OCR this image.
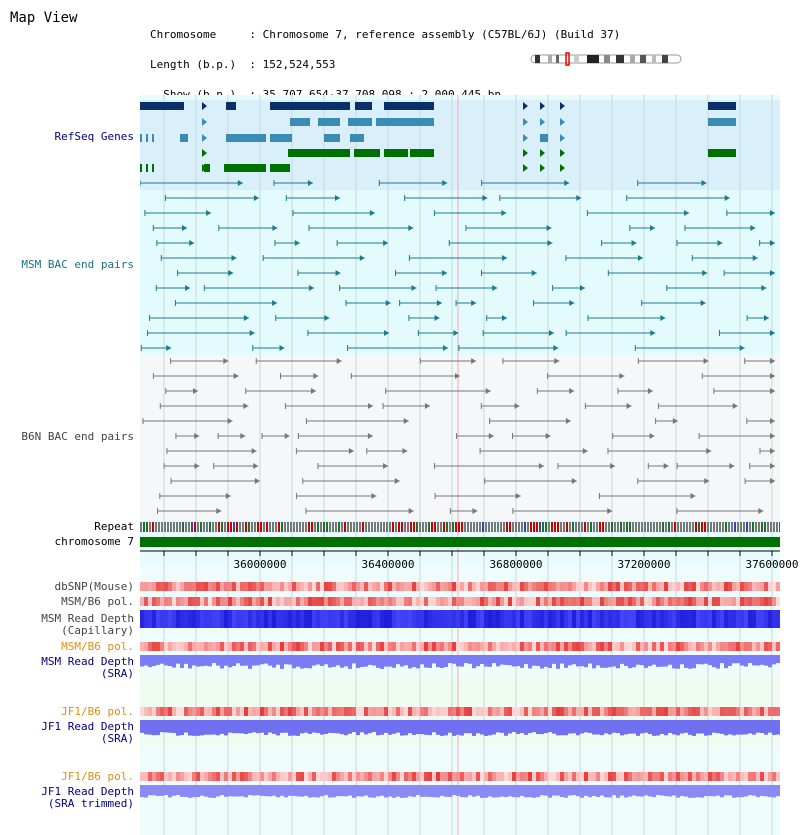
Map View

Chromosome     : Chromosome 7, reference assembly (C57BL/6J) (Build 37)

Length (b.p.)  : 152,524,553

RefSeq Genes
MSM BAC end pairs
B6N BAC end pairs
Repeat
chromosome 7
dbSNP(Mouse)
MSM/B6 pol.
MSM Read Depth
(Capillary)
MSM/B6 pol.
MSM Read Depth
(SRA)
JF1/B6 pol.
JF1 Read Depth
(SRA)
JF1/B6 pol.
JF1 Read Depth
(SRA trimmed)
36000000	36400000	36800000	37200000	37600000
